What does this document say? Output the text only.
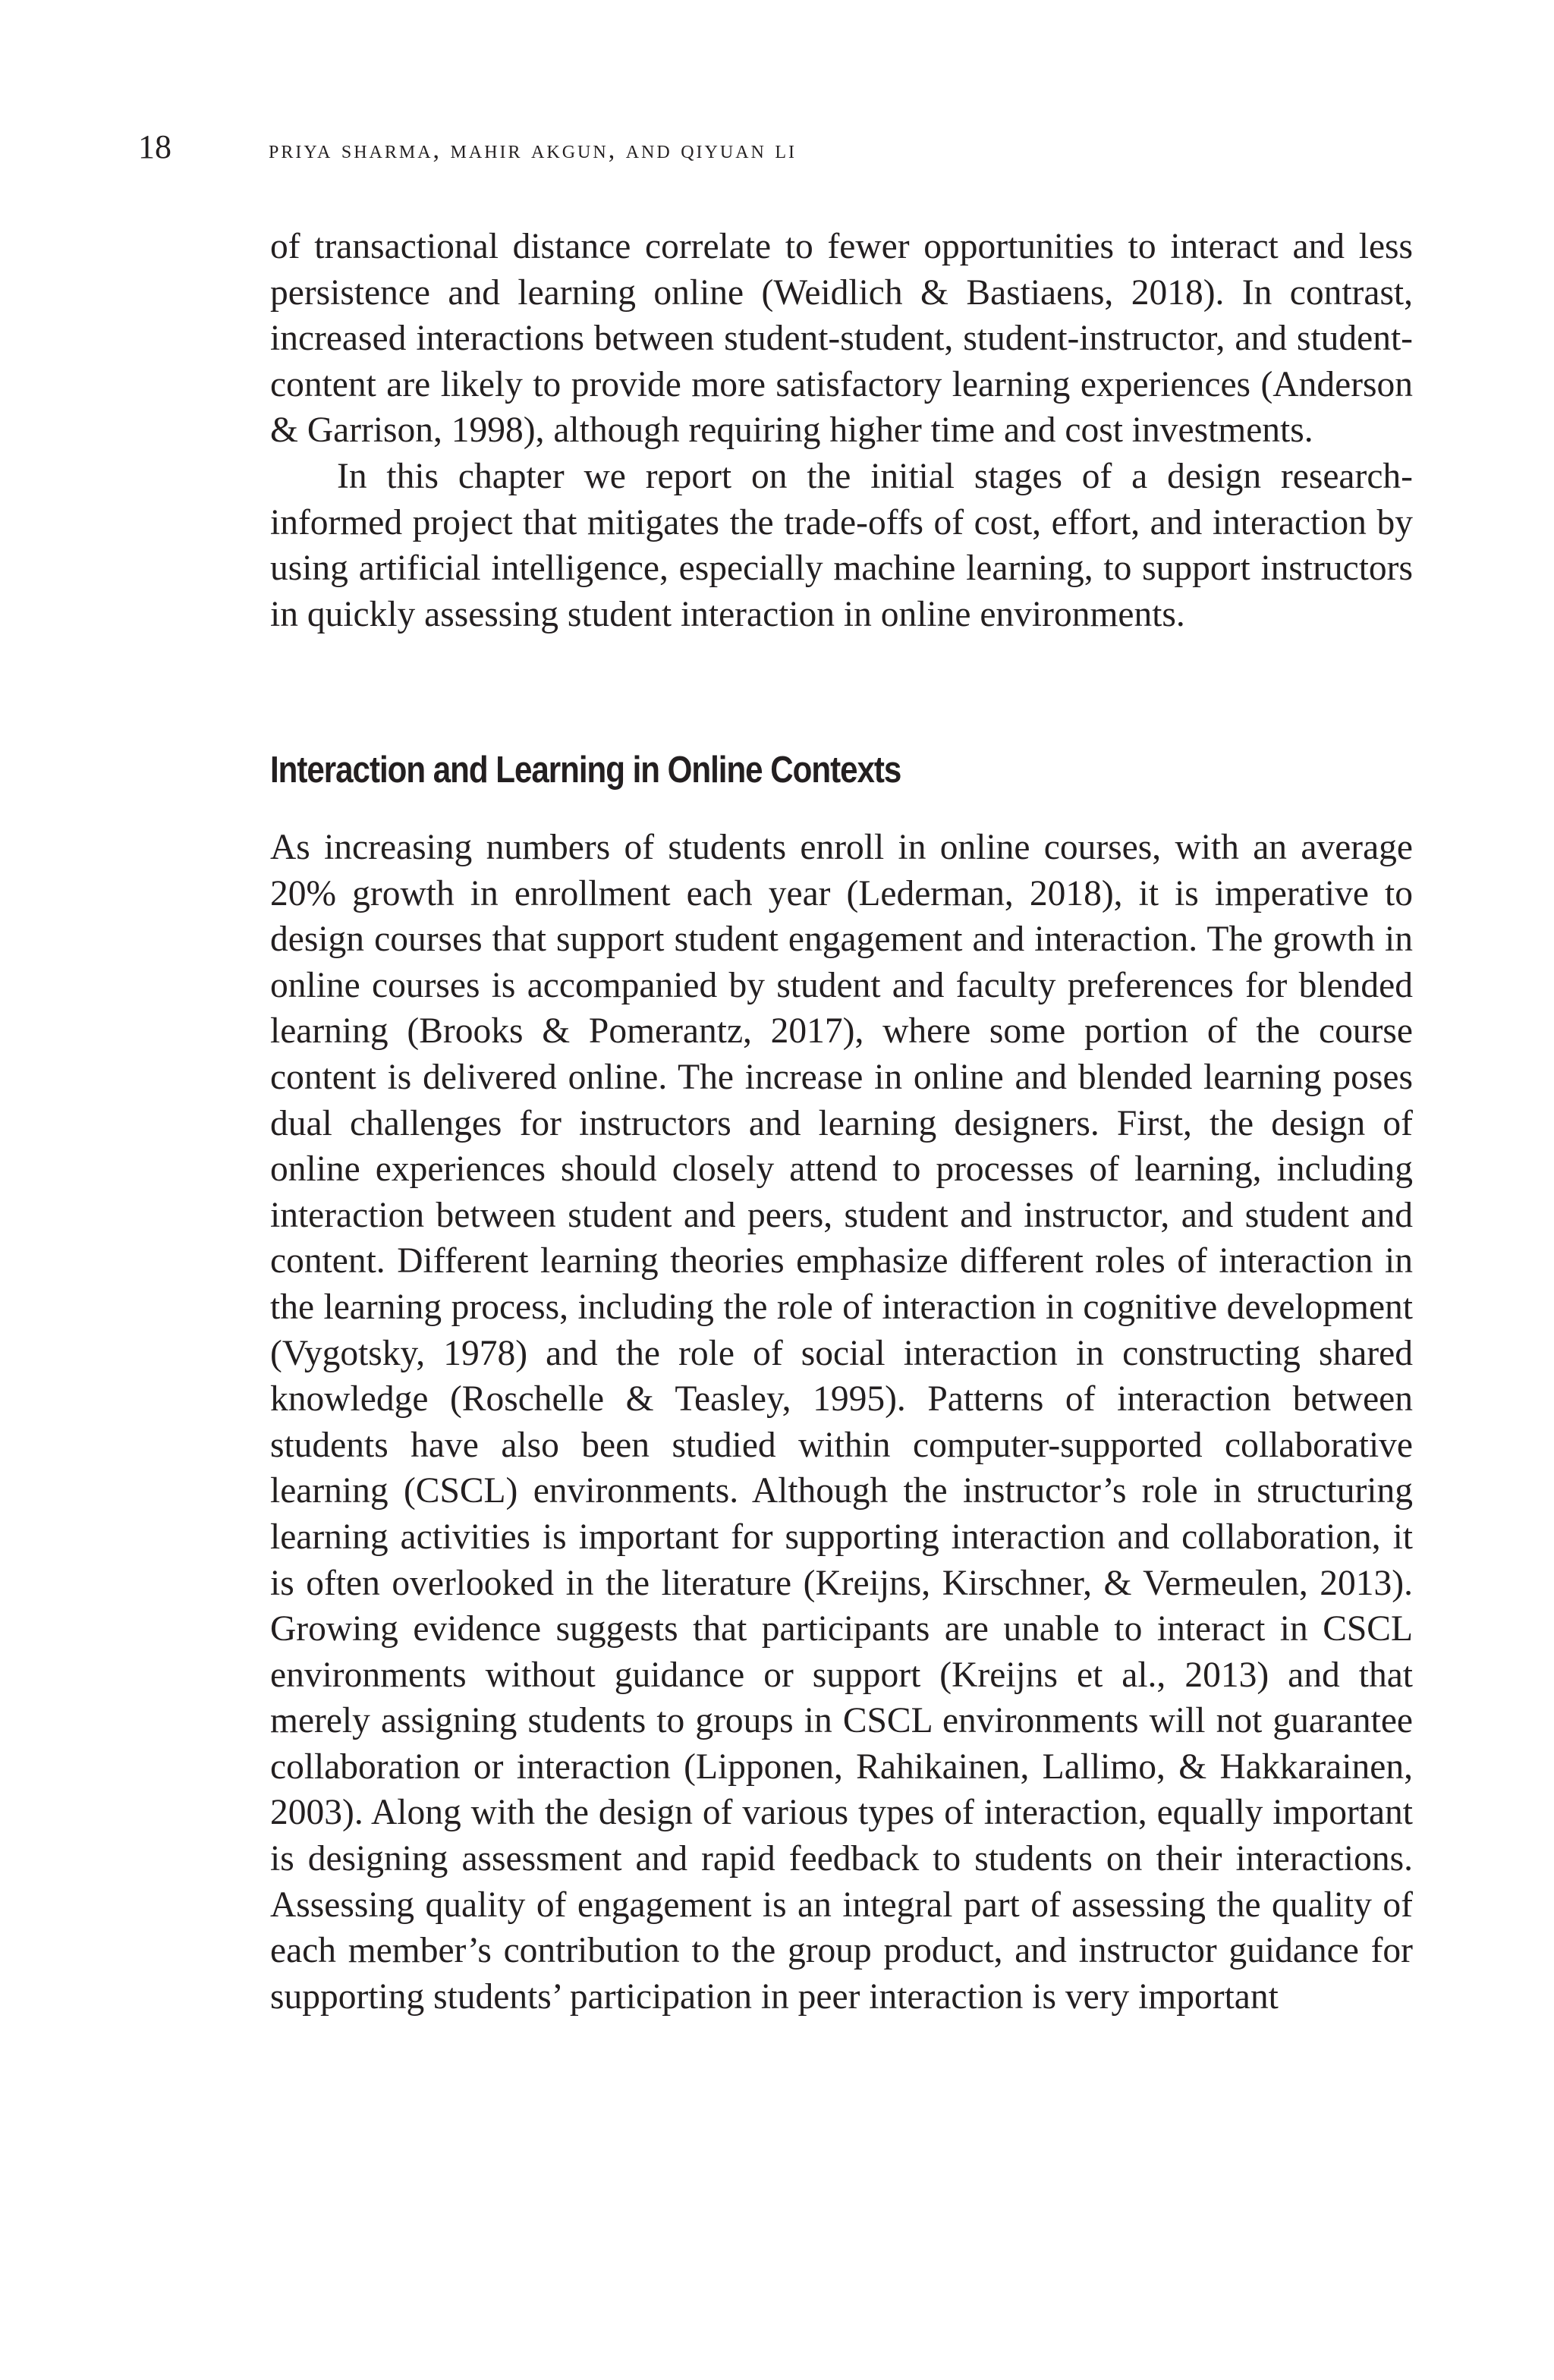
18	priya sharma, mahir akgun, and qiyuan li

of transactional distance correlate to fewer opportunities to interact and less persistence and learning online (Weidlich & Bastiaens, 2018). In contrast, increased interactions between student-student, student-instructor, and student-content are likely to provide more satisfactory learning experiences (Anderson & Garrison, 1998), although requiring higher time and cost investments.

In this chapter we report on the initial stages of a design research-informed project that mitigates the trade-offs of cost, effort, and interaction by using artificial intelligence, especially machine learning, to support instructors in quickly assessing student interaction in online environments.

Interaction and Learning in Online Contexts

As increasing numbers of students enroll in online courses, with an average 20% growth in enrollment each year (Lederman, 2018), it is imperative to design courses that support student engagement and interaction. The growth in online courses is accompanied by student and faculty preferences for blended learning (Brooks & Pomerantz, 2017), where some portion of the course content is delivered online. The increase in online and blended learning poses dual challenges for instructors and learning designers. First, the design of online experiences should closely attend to processes of learning, including interaction between student and peers, student and instructor, and student and content. Different learning theories emphasize different roles of interaction in the learning process, including the role of interaction in cognitive development (Vygotsky, 1978) and the role of social interaction in constructing shared knowledge (Roschelle & Teasley, 1995). Patterns of interaction between students have also been studied within computer-supported collaborative learning (CSCL) environments. Although the instructor’s role in structuring learning activities is important for supporting interaction and collaboration, it is often overlooked in the literature (Kreijns, Kirschner, & Vermeulen, 2013). Growing evidence suggests that participants are unable to interact in CSCL environments without guidance or support (Kreijns et al., 2013) and that merely assigning students to groups in CSCL environments will not guarantee collaboration or interaction (Lipponen, Rahikainen, Lallimo, & Hakkarainen, 2003). Along with the design of various types of interaction, equally important is designing assessment and rapid feedback to students on their interactions. Assessing quality of engagement is an integral part of assessing the quality of each member’s contribution to the group product, and instructor guidance for supporting students’ participation in peer interaction is very important
